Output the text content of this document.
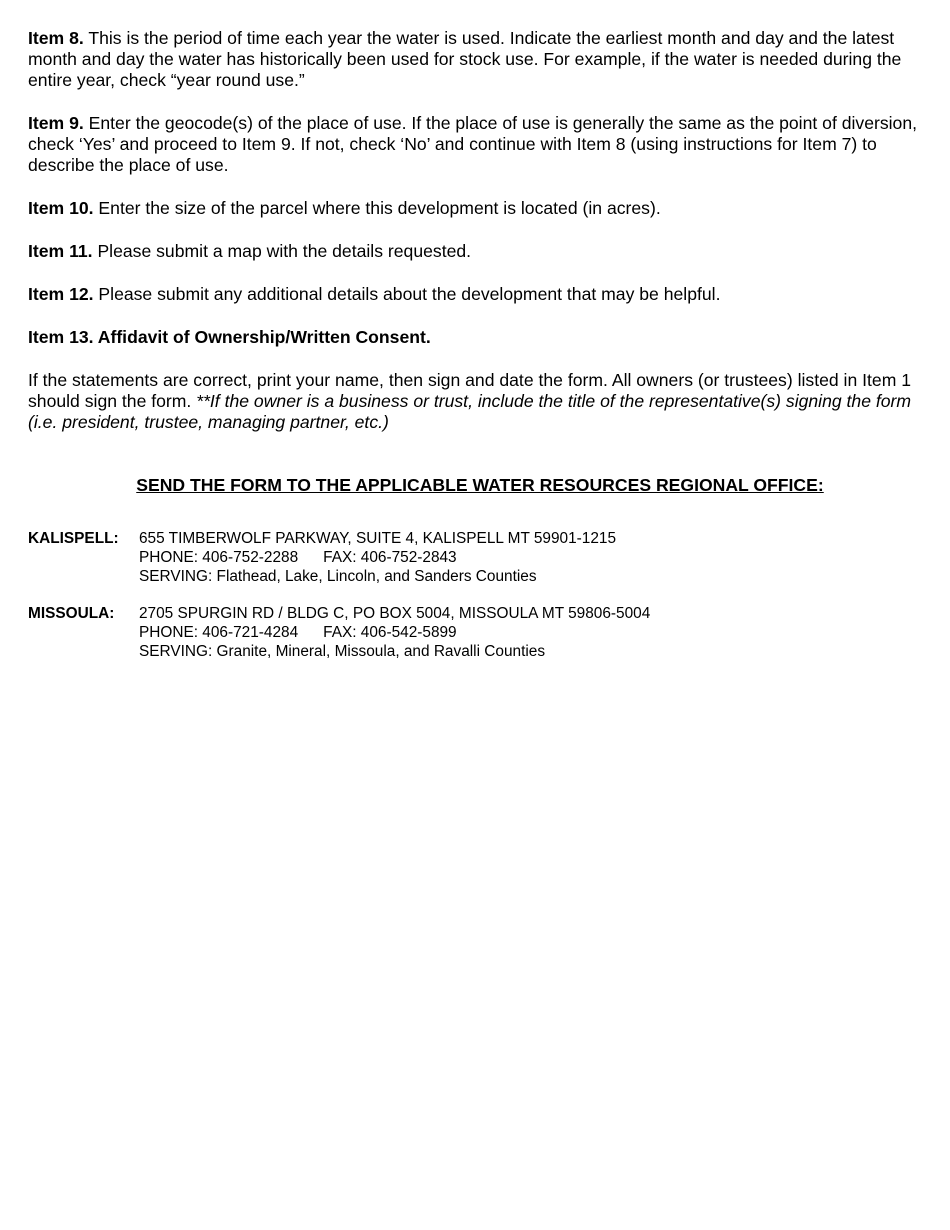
Item 8. This is the period of time each year the water is used. Indicate the earliest month and day and the latest month and day the water has historically been used for stock use. For example, if the water is needed during the entire year, check “year round use.”

Item 9. Enter the geocode(s) of the place of use. If the place of use is generally the same as the point of diversion, check ‘Yes’ and proceed to Item 9. If not, check ‘No’ and continue with Item 8 (using instructions for Item 7) to describe the place of use.

Item 10. Enter the size of the parcel where this development is located (in acres).

Item 11. Please submit a map with the details requested.

Item 12. Please submit any additional details about the development that may be helpful.

Item 13. Affidavit of Ownership/Written Consent.

If the statements are correct, print your name, then sign and date the form. All owners (or trustees) listed in Item 1 should sign the form. **If the owner is a business or trust, include the title of the representative(s) signing the form (i.e. president, trustee, managing partner, etc.)

SEND THE FORM TO THE APPLICABLE WATER RESOURCES REGIONAL OFFICE:
KALISPELL:	655 TIMBERWOLF PARKWAY, SUITE 4, KALISPELL MT 59901-1215
PHONE: 406-752-2288 FAX: 406-752-2843
SERVING: Flathead, Lake, Lincoln, and Sanders Counties
MISSOULA:	2705 SPURGIN RD / BLDG C, PO BOX 5004, MISSOULA MT 59806-5004
PHONE: 406-721-4284 FAX: 406-542-5899
SERVING: Granite, Mineral, Missoula, and Ravalli Counties
